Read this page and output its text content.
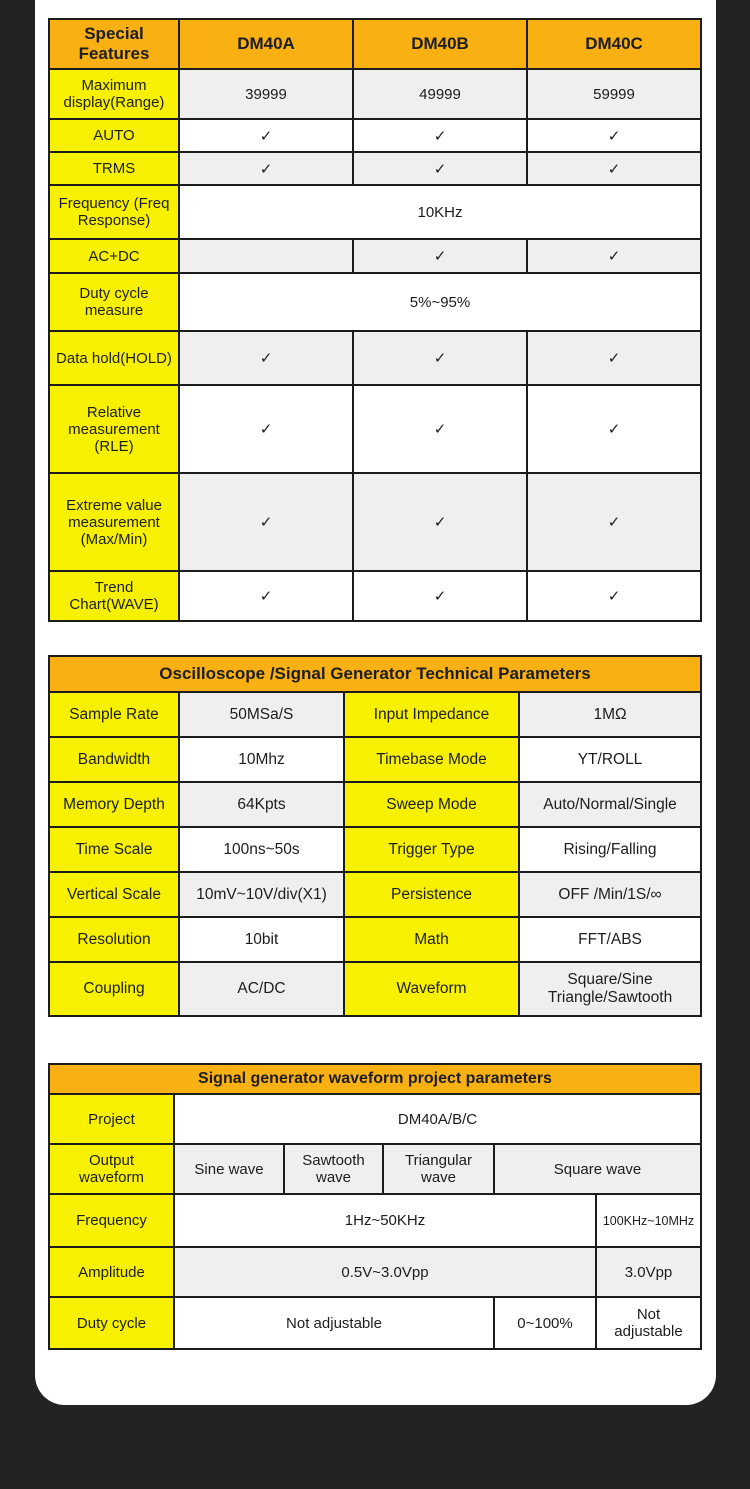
Special Features	DM40A	DM40B	DM40C
Maximum display(Range)	39999	49999	59999
AUTO	✓	✓	✓
TRMS	✓	✓	✓
Frequency (Freq Response)	10KHz		
AC+DC		✓	✓
Duty cycle measure	5%~95%		
Data hold(HOLD)	✓	✓	✓
Relative measurement (RLE)	✓	✓	✓
Extreme value measurement (Max/Min)	✓	✓	✓
Trend Chart(WAVE)	✓	✓	✓
Oscilloscope /Signal Generator Technical Parameters			
Sample Rate	50MSa/S	Input Impedance	1MΩ
Bandwidth	10Mhz	Timebase Mode	YT/ROLL
Memory Depth	64Kpts	Sweep Mode	Auto/Normal/Single
Time Scale	100ns~50s	Trigger Type	Rising/Falling
Vertical Scale	10mV~10V/div(X1)	Persistence	OFF /Min/1S/∞
Resolution	10bit	Math	FFT/ABS
Coupling	AC/DC	Waveform	Square/Sine Triangle/Sawtooth
Signal generator waveform project parameters					
Project	DM40A/B/C				
Output waveform	Sine wave	Sawtooth wave	Triangular wave	Square wave	
Frequency	1Hz~50KHz				100KHz~10MHz
Amplitude	0.5V~3.0Vpp				3.0Vpp
Duty cycle	Not adjustable			0~100%	Not adjustable
